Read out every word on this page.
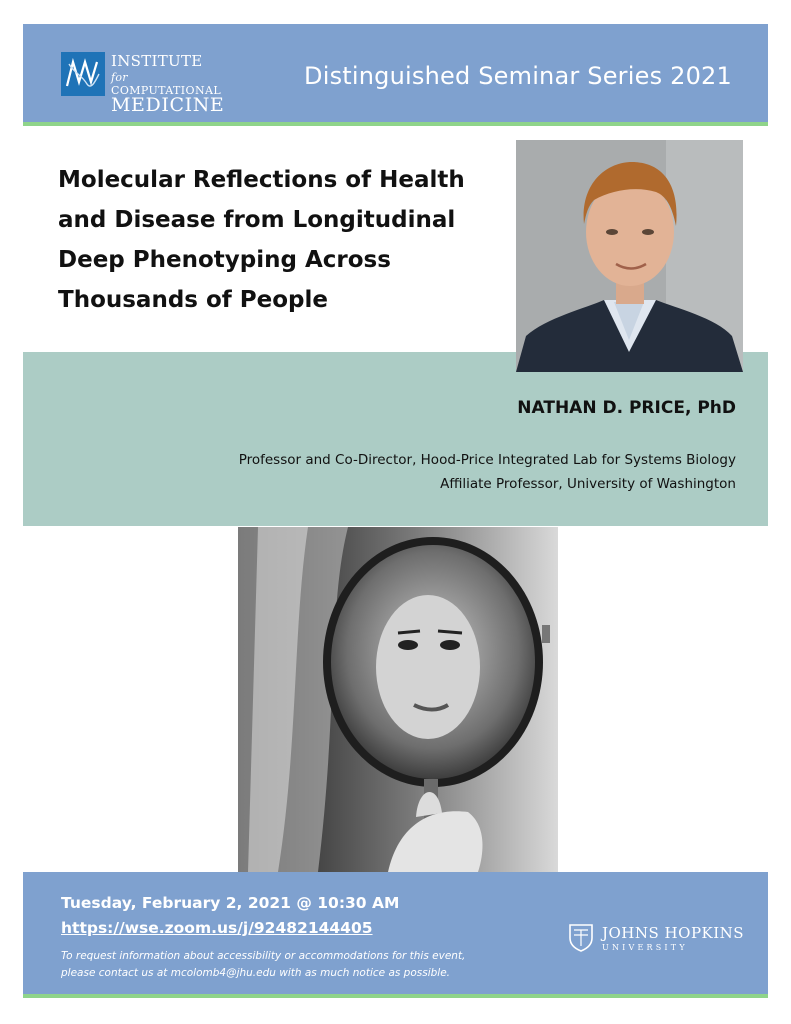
INSTITUTE for
COMPUTATIONAL
MEDICINE
Distinguished Seminar Series 2021
Molecular Reflections of Health
and Disease from Longitudinal
Deep Phenotyping Across
Thousands of People
NATHAN D. PRICE, PhD
Professor and Co-Director, Hood-Price Integrated Lab for Systems Biology
Affiliate Professor, University of Washington
Tuesday, February 2, 2021 @ 10:30 AM
https://wse.zoom.us/j/92482144405
To request information about accessibility or accommodations for this event,
please contact us at mcolomb4@jhu.edu with as much notice as possible.
JOHNS HOPKINS
UNIVERSITY
